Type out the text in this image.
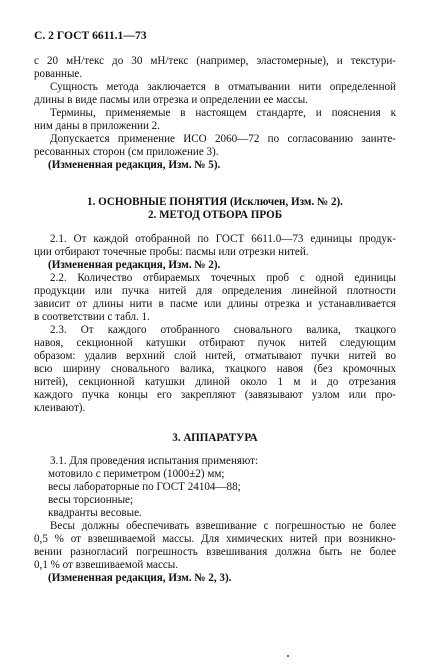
С. 2 ГОСТ 6611.1—73
с 20 мН/текс до 30 мН/текс (например, эластомерные), и текстури-
рованные.
Сущность метода заключается в отматывании нити определенной
длины в виде пасмы или отрезка и определении ее массы.
Термины, применяемые в настоящем стандарте, и пояснения к
ним даны в приложении 2.
Допускается применение ИСО 2060—72 по согласованию заинте-
ресованных сторон (см приложение 3).
(Измененная редакция, Изм. № 5).
1. ОСНОВНЫЕ ПОНЯТИЯ (Исключен, Изм. № 2).
2. МЕТОД ОТБОРА ПРОБ
2.1. От каждой отобранной по ГОСТ 6611.0—73 единицы продук-
ции отбирают точечные пробы: пасмы или отрезки нитей.
(Измененная редакция, Изм. № 2).
2.2. Количество отбираемых точечных проб с одной единицы
продукции или пучка нитей для определения линейной плотности
зависит от длины нити в пасме или длины отрезка и устанавливается
в соответствии с табл. 1.
2.3. От каждого отобранного сновального валика, ткацкого
навоя, секционной катушки отбирают пучок нитей следующим
образом: удалив верхний слой нитей, отматывают пучки нитей во
всю ширину сновального валика, ткацкого навоя (без кромочных
нитей), секционной катушки длиной около 1 м и до отрезания
каждого пучка концы его закрепляют (завязывают узлом или про-
клеивают).
3. АППАРАТУРА
3.1. Для проведения испытания применяют:
мотовило с периметром (1000±2) мм;
весы лабораторные по ГОСТ 24104—88;
весы торсионные;
квадранты весовые.
Весы должны обеспечивать взвешивание с погрешностью не более
0,5 % от взвешиваемой массы. Для химических нитей при возникно-
вении разногласий погрешность взвешивания должна быть не более
0,1 % от взвешиваемой массы.
(Измененная редакция, Изм. № 2, 3).
